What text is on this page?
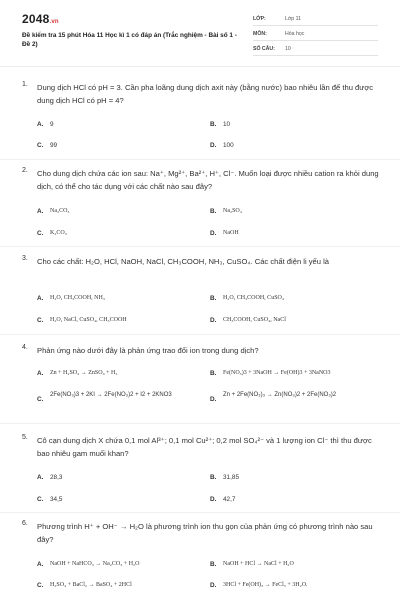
2048.vn
Đề kiểm tra 15 phút Hóa 11 Học kì 1 có đáp án (Trắc nghiệm - Bài số 1 - Đề 2)
LỚP:	Lớp 11
MÔN:	Hóa học
SỐ CÂU: 10
1. Dung dịch HCl có pH = 3. Cần pha loãng dung dịch axit này (bằng nước) bao nhiêu lần để thu được dung dịch HCl có pH = 4?
A. 9	B. 10
C. 99	D. 100
2. Cho dung dịch chứa các ion sau: Na⁺, Mg²⁺, Ba²⁺, H⁺, Cl⁻. Muốn loại được nhiều cation ra khỏi dung dịch, có thể cho tác dụng với các chất nào sau đây?
A. Na₂CO₃	B. Na₂SO₄
C. K₂CO₃	D. NaOH
3. Cho các chất: H₂O, HCl, NaOH, NaCl, CH₃COOH, NH₃, CuSO₄. Các chất điện li yếu là
A. H₂O, CH₃COOH, NH₃	B. H₂O, CH₃COOH, CuSO₄
C. H₂O, NaCl, CuSO₄, CH₃COOH	D. CH₃COOH, CuSO₄, NaCl
4. Phản ứng nào dưới đây là phản ứng trao đổi ion trong dung dịch?
A. Zn + H₂SO₄ → ZnSO₄ + H₂	B. Fe(NO₃)3 + 3NaOH → Fe(OH)3 + 3NaNO3
C.
2Fe(NO₃)3 + 2KI → 2Fe(NO₃)2 + I2 + 2KNO3
D.
Zn + 2Fe(NO₃)₃ → Zn(NO₃)2 + 2Fe(NO₃)2
5. Cô cạn dung dịch X chứa 0,1 mol Al³⁺; 0,1 mol Cu²⁺; 0,2 mol SO₄²⁻ và 1 lượng ion Cl⁻ thì thu được bao nhiêu gam muối khan?
A. 28,3	B. 31,85
C. 34,5	D. 42,7
6. Phương trình H⁺ + OH⁻ → H₂O là phương trình ion thu gọn của phản ứng có phương trình nào sau đây?
A. NaOH + NaHCO₃ → Na₂CO₃ + H₂O	B. NaOH + HCl → NaCl + H₂O
C. H₂SO₄ + BaCl₂ → BaSO₄ + 2HCl	D. 3HCl + Fe(OH)₃ → FeCl₃ + 3H₂O.
